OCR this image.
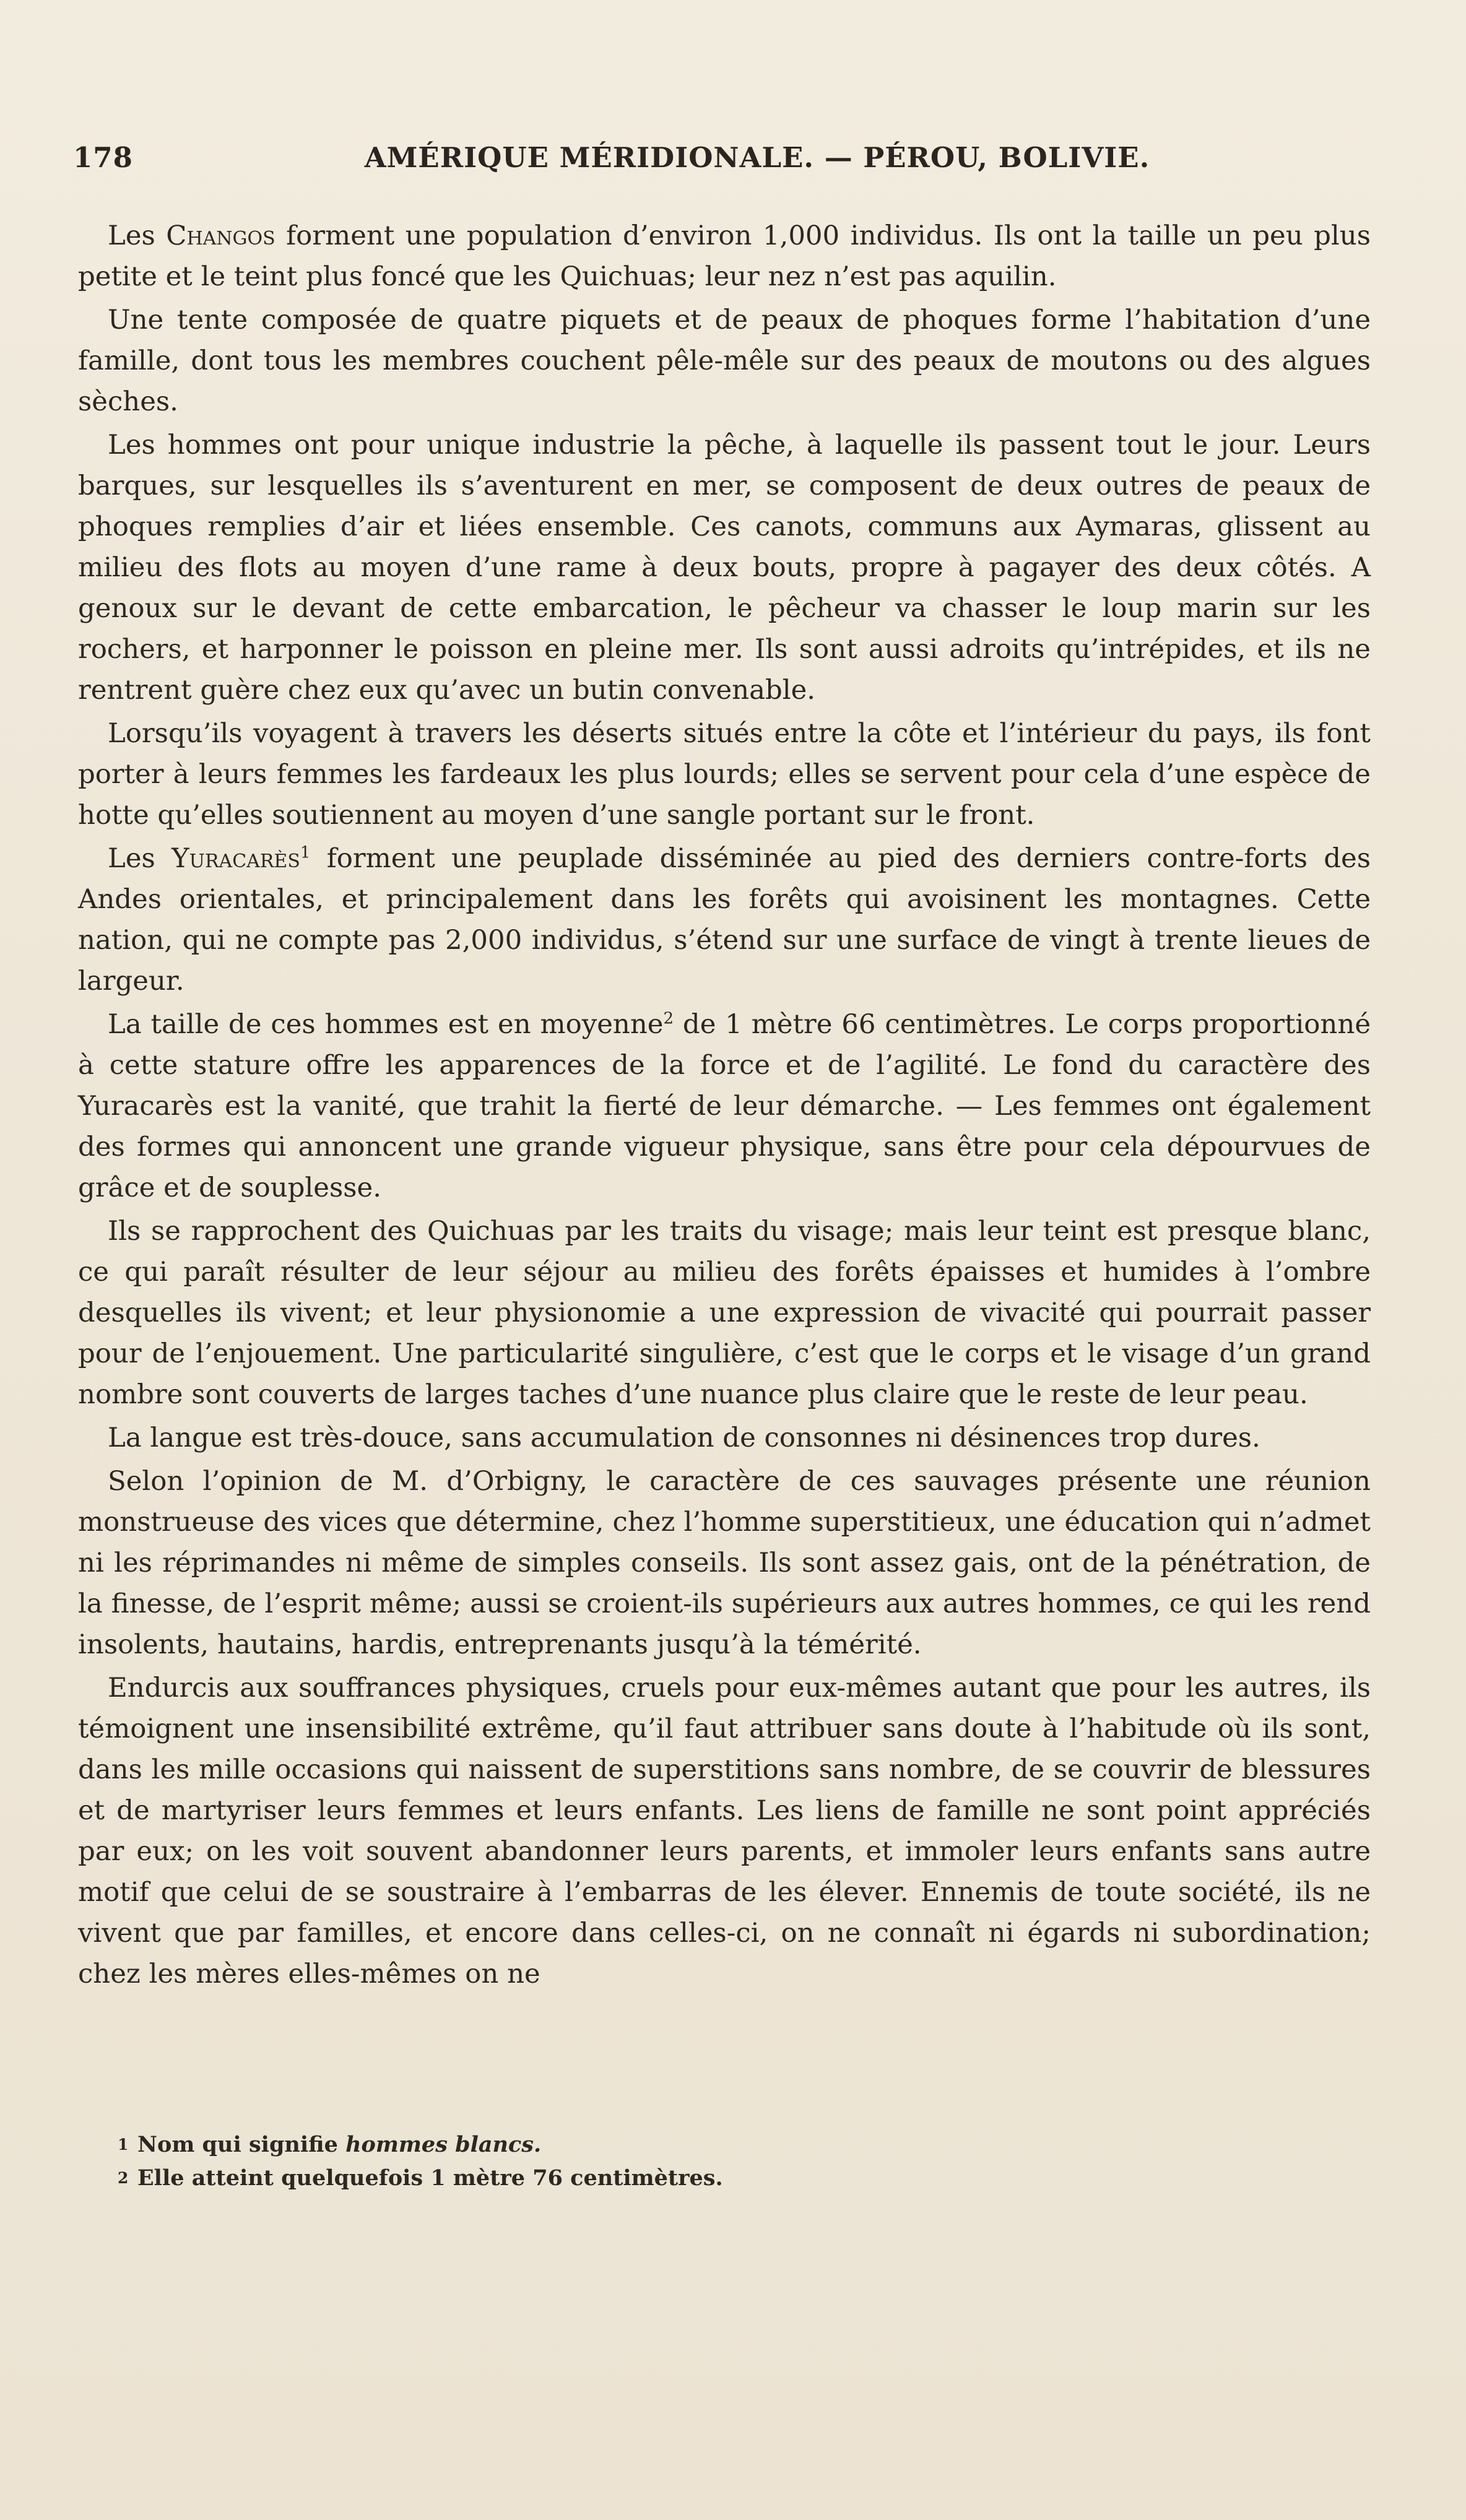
178	AMÉRIQUE MÉRIDIONALE. — PÉROU, BOLIVIE.

Les Changos forment une population d’environ 1,000 individus. Ils ont la taille un peu plus petite et le teint plus foncé que les Quichuas; leur nez n’est pas aquilin.

Une tente composée de quatre piquets et de peaux de phoques forme l’habitation d’une famille, dont tous les membres couchent pêle-mêle sur des peaux de moutons ou des algues sèches.

Les hommes ont pour unique industrie la pêche, à laquelle ils passent tout le jour. Leurs barques, sur lesquelles ils s’aventurent en mer, se composent de deux outres de peaux de phoques remplies d’air et liées ensemble. Ces canots, communs aux Aymaras, glissent au milieu des flots au moyen d’une rame à deux bouts, propre à pagayer des deux côtés. A genoux sur le devant de cette embarcation, le pêcheur va chasser le loup marin sur les rochers, et harponner le poisson en pleine mer. Ils sont aussi adroits qu’intrépides, et ils ne rentrent guère chez eux qu’avec un butin convenable.

Lorsqu’ils voyagent à travers les déserts situés entre la côte et l’intérieur du pays, ils font porter à leurs femmes les fardeaux les plus lourds; elles se servent pour cela d’une espèce de hotte qu’elles soutiennent au moyen d’une sangle portant sur le front.

Les Yuracarès$^1$ forment une peuplade disséminée au pied des derniers contre-forts des Andes orientales, et principalement dans les forêts qui avoisinent les montagnes. Cette nation, qui ne compte pas 2,000 individus, s’étend sur une surface de vingt à trente lieues de largeur.

La taille de ces hommes est en moyenne$^2$ de 1 mètre 66 centimètres. Le corps proportionné à cette stature offre les apparences de la force et de l’agilité. Le fond du caractère des Yuracarès est la vanité, que trahit la fierté de leur démarche. — Les femmes ont également des formes qui annoncent une grande vigueur physique, sans être pour cela dépourvues de grâce et de souplesse.

Ils se rapprochent des Quichuas par les traits du visage; mais leur teint est presque blanc, ce qui paraît résulter de leur séjour au milieu des forêts épaisses et humides à l’ombre desquelles ils vivent; et leur physionomie a une expression de vivacité qui pourrait passer pour de l’enjouement. Une particularité singulière, c’est que le corps et le visage d’un grand nombre sont couverts de larges taches d’une nuance plus claire que le reste de leur peau.

La langue est très-douce, sans accumulation de consonnes ni désinences trop dures.

Selon l’opinion de M. d’Orbigny, le caractère de ces sauvages présente une réunion monstrueuse des vices que détermine, chez l’homme superstitieux, une éducation qui n’admet ni les réprimandes ni même de simples conseils. Ils sont assez gais, ont de la pénétration, de la finesse, de l’esprit même; aussi se croient-ils supérieurs aux autres hommes, ce qui les rend insolents, hautains, hardis, entreprenants jusqu’à la témérité.

Endurcis aux souffrances physiques, cruels pour eux-mêmes autant que pour les autres, ils témoignent une insensibilité extrême, qu’il faut attribuer sans doute à l’habitude où ils sont, dans les mille occasions qui naissent de superstitions sans nombre, de se couvrir de blessures et de martyriser leurs femmes et leurs enfants. Les liens de famille ne sont point appréciés par eux; on les voit souvent abandonner leurs parents, et immoler leurs enfants sans autre motif que celui de se soustraire à l’embarras de les élever. Ennemis de toute société, ils ne vivent que par familles, et encore dans celles-ci, on ne connaît ni égards ni subordination; chez les mères elles-mêmes on ne

1 Nom qui signifie hommes blancs.

2 Elle atteint quelquefois 1 mètre 76 centimètres.
